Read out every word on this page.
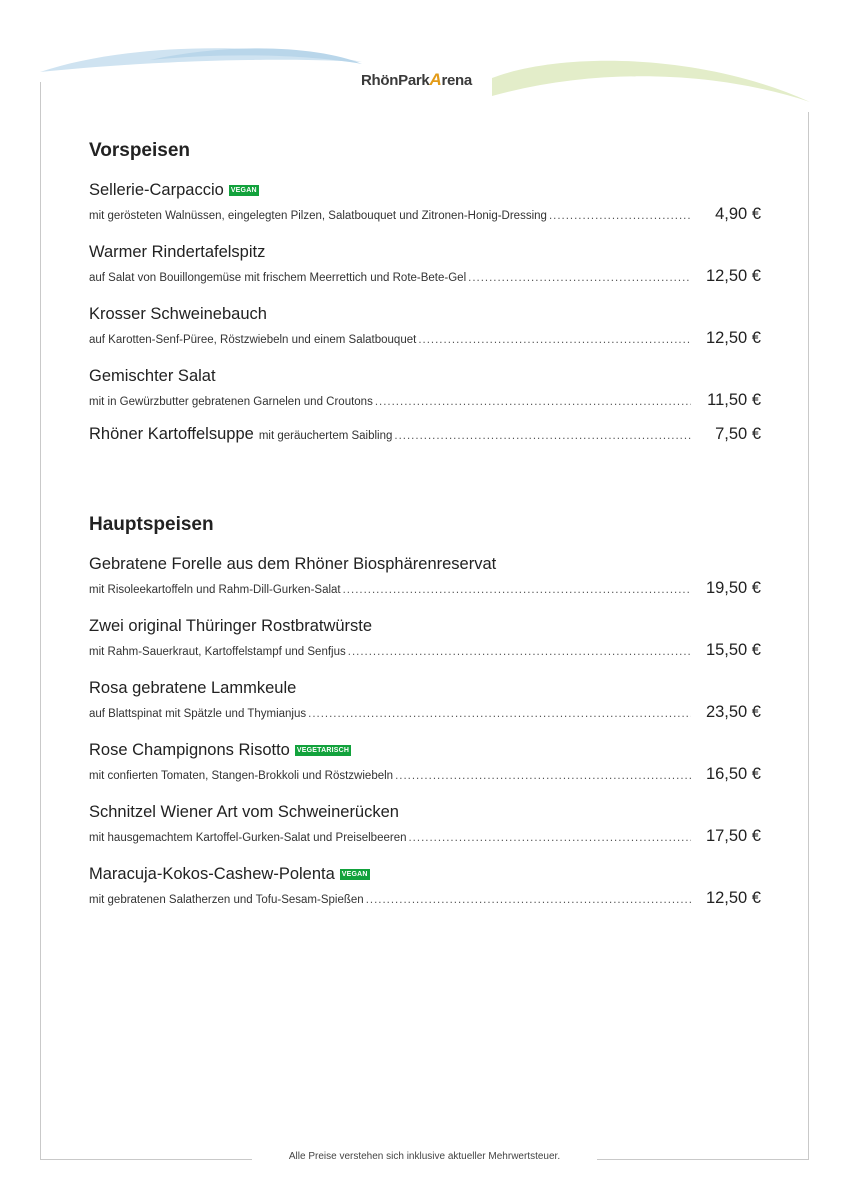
RhönParkArena
Vorspeisen
Sellerie-Carpaccio VEGAN
mit gerösteten Walnüssen, eingelegten Pilzen, Salatbouquet und Zitronen-Honig-Dressing .....	4,90 €
Warmer Rindertafelspitz
auf Salat von Bouillongemüse mit frischem Meerrettich und Rote-Bete-Gel .....	12,50 €
Krosser Schweinebauch
auf Karotten-Senf-Püree, Röstzwiebeln und einem Salatbouquet .....	12,50 €
Gemischter Salat
mit in Gewürzbutter gebratenen Garnelen und Croutons .....	11,50 €
Rhöner Kartoffelsuppe mit geräuchertem Saibling .....	7,50 €
Hauptspeisen
Gebratene Forelle aus dem Rhöner Biosphärenreservat
mit Risoleekartoffeln und Rahm-Dill-Gurken-Salat .....	19,50 €
Zwei original Thüringer Rostbratwürste
mit Rahm-Sauerkraut, Kartoffelstampf und Senfjus .....	15,50 €
Rosa gebratene Lammkeule
auf Blattspinat mit Spätzle und Thymianjus .....	23,50 €
Rose Champignons Risotto VEGETARISCH
mit confierten Tomaten, Stangen-Brokkoli und Röstzwiebeln .....	16,50 €
Schnitzel Wiener Art vom Schweinerücken
mit hausgemachtem Kartoffel-Gurken-Salat und Preiselbeeren .....	17,50 €
Maracuja-Kokos-Cashew-Polenta VEGAN
mit gebratenen Salatherzen und Tofu-Sesam-Spießen .....	12,50 €
Alle Preise verstehen sich inklusive aktueller Mehrwertsteuer.
